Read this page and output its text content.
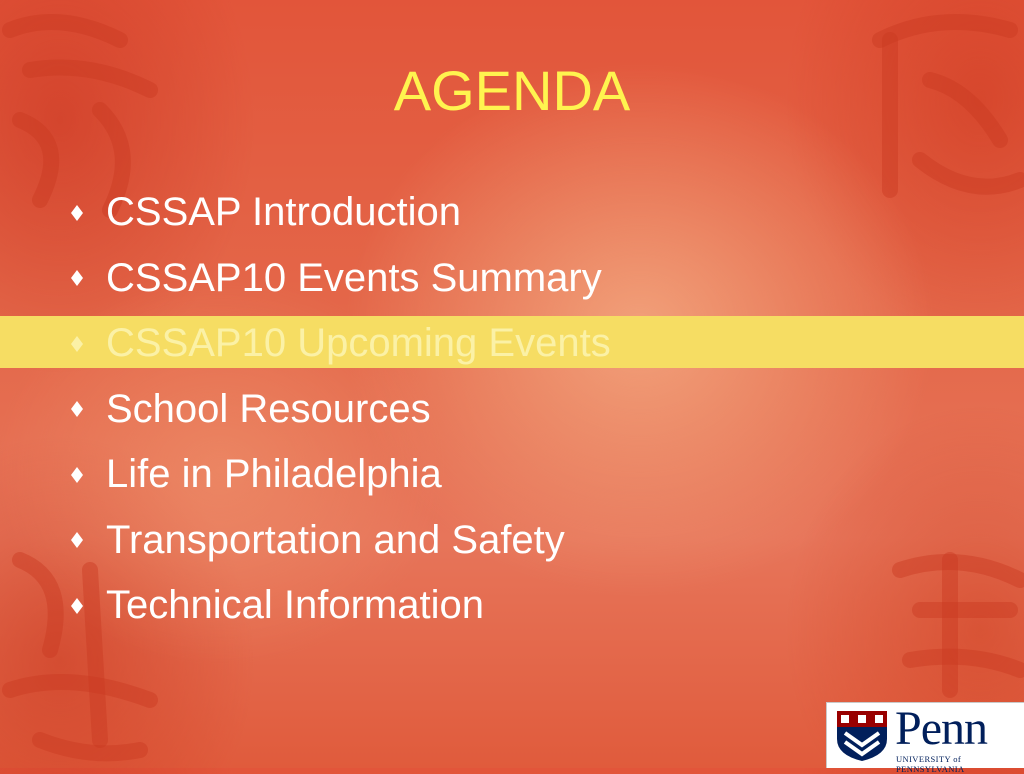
AGENDA
CSSAP Introduction
CSSAP10 Events Summary
CSSAP10 Upcoming Events
School Resources
Life in Philadelphia
Transportation and Safety
Technical Information
Penn
UNIVERSITY of PENNSYLVANIA
